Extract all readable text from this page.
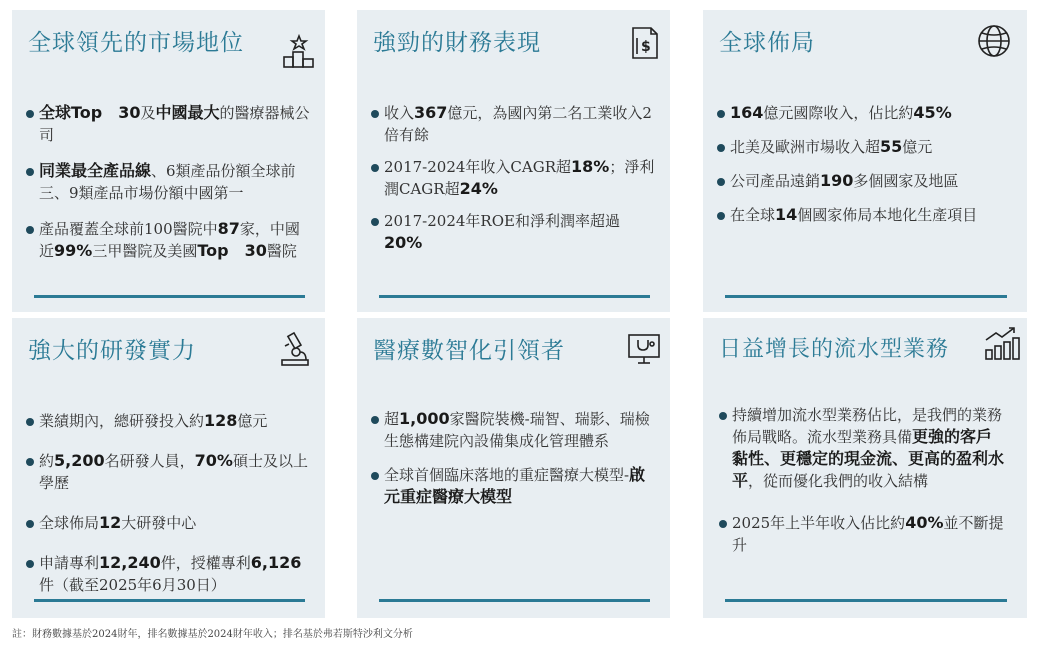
全球領先的市場地位
全球Top　30及中國最大的醫療器械公司
同業最全產品線、6類產品份額全球前三、9類產品市場份額中國第一
產品覆蓋全球前100醫院中87家，中國近99%三甲醫院及美國Top　30醫院
強勁的財務表現	$
收入367億元，為國內第二名工業收入2倍有餘
2017-2024年收入CAGR超18%；淨利潤CAGR超24%
2017-2024年ROE和淨利潤率超過20%
全球佈局
164億元國際收入，佔比約45%
北美及歐洲市場收入超55億元
公司產品遠銷190多個國家及地區
在全球14個國家佈局本地化生產項目
強大的研發實力
業績期內，總研發投入約128億元
約5,200名研發人員，70%碩士及以上學歷
全球佈局12大研發中心
申請專利12,240件，授權專利6,126件（截至2025年6月30日）
醫療數智化引領者
超1,000家醫院裝機-瑞智、瑞影、瑞檢生態構建院內設備集成化管理體系
全球首個臨床落地的重症醫療大模型-啟元重症醫療大模型
日益增長的流水型業務
持續增加流水型業務佔比，是我們的業務佈局戰略。流水型業務具備更強的客戶黏性、更穩定的現金流、更高的盈利水平，從而優化我們的收入結構
2025年上半年收入佔比約40%並不斷提升
註：財務數據基於2024財年，排名數據基於2024財年收入；排名基於弗若斯特沙利文分析
